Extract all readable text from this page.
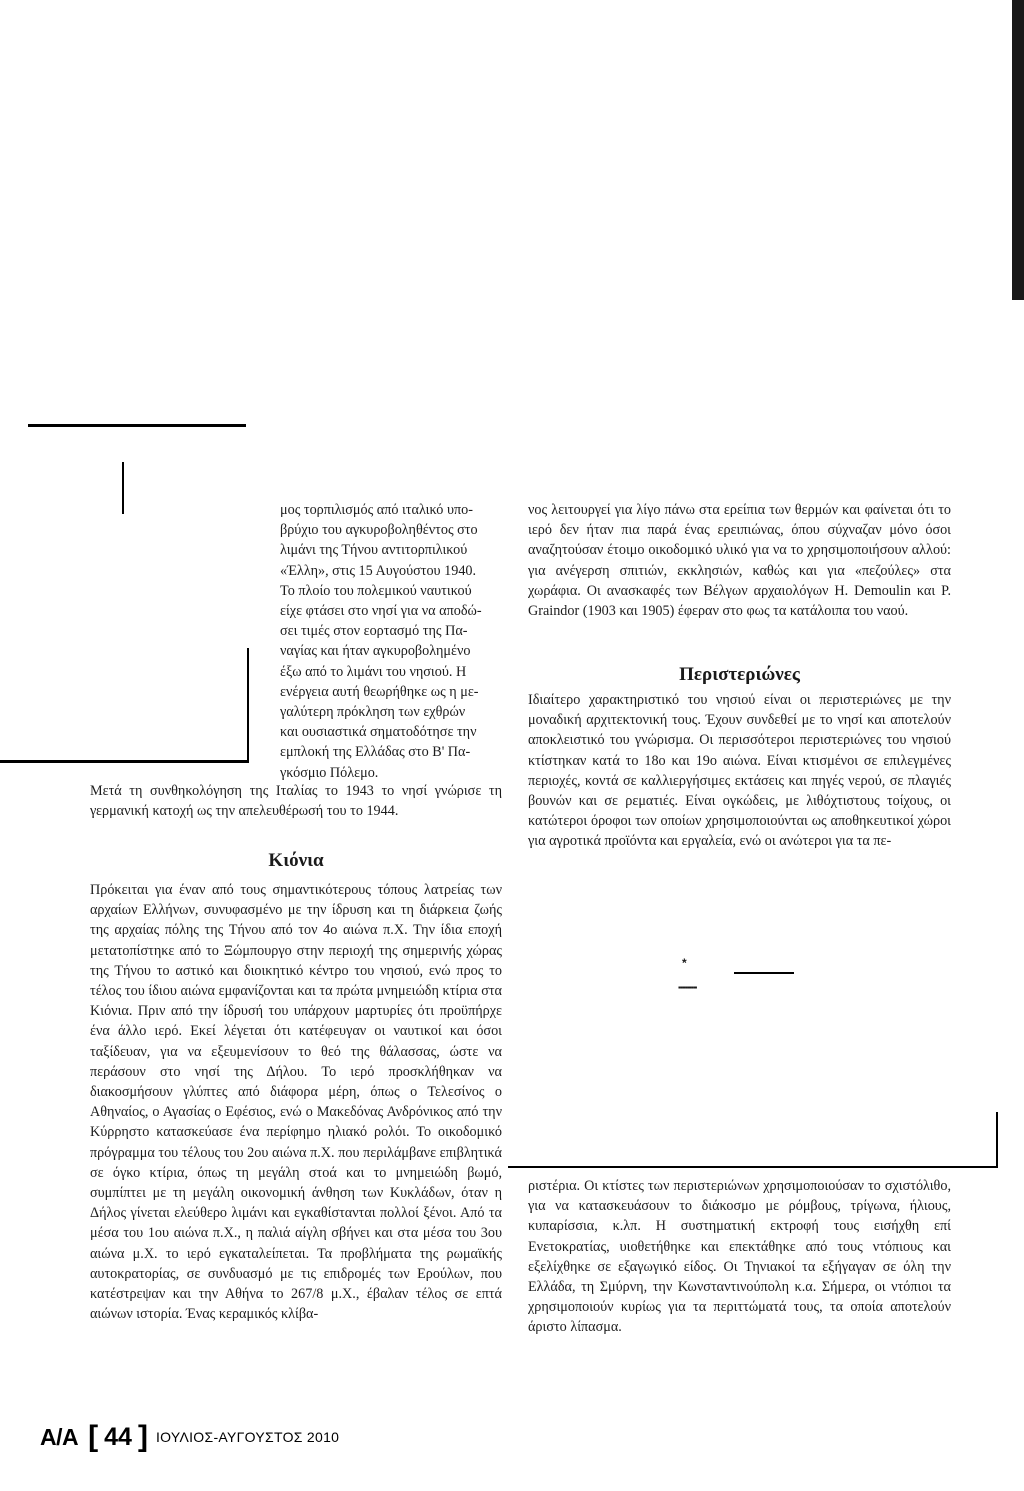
*
▪▪▪▪▪▪▪▪▪▪
μος τορπιλισμός από ιταλικό υπο-
βρύχιο του αγκυροβοληθέντος στο
λιμάνι της Τήνου αντιτορπιλικού
«Έλλη», στις 15 Αυγούστου 1940.
Το πλοίο του πολεμικού ναυτικού
είχε φτάσει στο νησί για να αποδώ-
σει τιμές στον εορτασμό της Πα-
ναγίας και ήταν αγκυροβολημένο
έξω από το λιμάνι του νησιού. Η
ενέργεια αυτή θεωρήθηκε ως η με-
γαλύτερη πρόκληση των εχθρών
και ουσιαστικά σηματοδότησε την
εμπλοκή της Ελλάδας στο Β' Πα-
γκόσμιο Πόλεμο.

Μετά τη συνθηκολόγηση της Ιταλίας το 1943 το νησί γνώρισε τη γερμανική κατοχή ως την απελευθέρωσή του το 1944.

Κιόνια

Πρόκειται για έναν από τους σημαντικότερους τόπους λατρείας των αρχαίων Ελλήνων, συνυφασμένο με την ίδρυση και τη διάρκεια ζωής της αρχαίας πόλης της Τήνου από τον 4ο αιώνα π.Χ. Την ίδια εποχή μετατοπίστηκε από το Ξώμπουργο στην περιοχή της σημερινής χώρας της Τήνου το αστικό και διοικητικό κέντρο του νησιού, ενώ προς το τέλος του ίδιου αιώνα εμφανίζονται και τα πρώτα μνημειώδη κτίρια στα Κιόνια. Πριν από την ίδρυσή του υπάρχουν μαρτυρίες ότι προϋπήρχε ένα άλλο ιερό. Εκεί λέγεται ότι κατέφευγαν οι ναυτικοί και όσοι ταξίδευαν, για να εξευμενίσουν το θεό της θάλασσας, ώστε να περάσουν στο νησί της Δήλου. Το ιερό προσκλήθηκαν να διακοσμήσουν γλύπτες από διάφορα μέρη, όπως ο Τελεσίνος ο Αθηναίος, ο Αγασίας ο Εφέσιος, ενώ ο Μακεδόνας Ανδρόνικος από την Κύρρηστο κατασκεύασε ένα περίφημο ηλιακό ρολόι. Το οικοδομικό πρόγραμμα του τέλους του 2ου αιώνα π.Χ. που περιλάμβανε επιβλητικά σε όγκο κτίρια, όπως τη μεγάλη στοά και το μνημειώδη βωμό, συμπίπτει με τη μεγάλη οικονομική άνθηση των Κυκλάδων, όταν η Δήλος γίνεται ελεύθερο λιμάνι και εγκαθίστανται πολλοί ξένοι. Από τα μέσα του 1ου αιώνα π.Χ., η παλιά αίγλη σβήνει και στα μέσα του 3ου αιώνα μ.Χ. το ιερό εγκαταλείπεται. Τα προβλήματα της ρωμαϊκής αυτοκρατορίας, σε συνδυασμό με τις επιδρομές των Ερούλων, που κατέστρεψαν και την Αθήνα το 267/8 μ.Χ., έβαλαν τέλος σε επτά αιώνων ιστορία. Ένας κεραμικός κλίβα-

νος λειτουργεί για λίγο πάνω στα ερείπια των θερμών και φαίνεται ότι το ιερό δεν ήταν πια παρά ένας ερειπιώνας, όπου σύχναζαν μόνο όσοι αναζητούσαν έτοιμο οικοδομικό υλικό για να το χρησιμοποιήσουν αλλού: για ανέγερση σπιτιών, εκκλησιών, καθώς και για «πεζούλες» στα χωράφια. Οι ανασκαφές των Βέλγων αρχαιολόγων H. Demoulin και P. Graindor (1903 και 1905) έφεραν στο φως τα κατάλοιπα του ναού.

Περιστεριώνες

Ιδιαίτερο χαρακτηριστικό του νησιού είναι οι περιστεριώνες με την μοναδική αρχιτεκτονική τους. Έχουν συνδεθεί με το νησί και αποτελούν αποκλειστικό του γνώρισμα. Οι περισσότεροι περιστεριώνες του νησιού κτίστηκαν κατά το 18ο και 19ο αιώνα. Είναι κτισμένοι σε επιλεγμένες περιοχές, κοντά σε καλλιεργήσιμες εκτάσεις και πηγές νερού, σε πλαγιές βουνών και σε ρεματιές. Είναι ογκώδεις, με λιθόχτιστους τοίχους, οι κατώτεροι όροφοι των οποίων χρησιμοποιούνται ως αποθηκευτικοί χώροι για αγροτικά προϊόντα και εργαλεία, ενώ οι ανώτεροι για τα πε-

ριστέρια. Οι κτίστες των περιστεριώνων χρησιμοποιούσαν το σχιστόλιθο, για να κατασκευάσουν το διάκοσμο με ρόμβους, τρίγωνα, ήλιους, κυπαρίσσια, κ.λπ. Η συστηματική εκτροφή τους εισήχθη επί Ενετοκρατίας, υιοθετήθηκε και επεκτάθηκε από τους ντόπιους και εξελίχθηκε σε εξαγωγικό είδος. Οι Τηνιακοί τα εξήγαγαν σε όλη την Ελλάδα, τη Σμύρνη, την Κωνσταντινούπολη κ.α. Σήμερα, οι ντόπιοι τα χρησιμοποιούν κυρίως για τα περιττώματά τους, τα οποία αποτελούν άριστο λίπασμα.

Α/Α [ 44 ] ΙΟΥΛΙΟΣ-ΑΥΓΟΥΣΤΟΣ 2010
